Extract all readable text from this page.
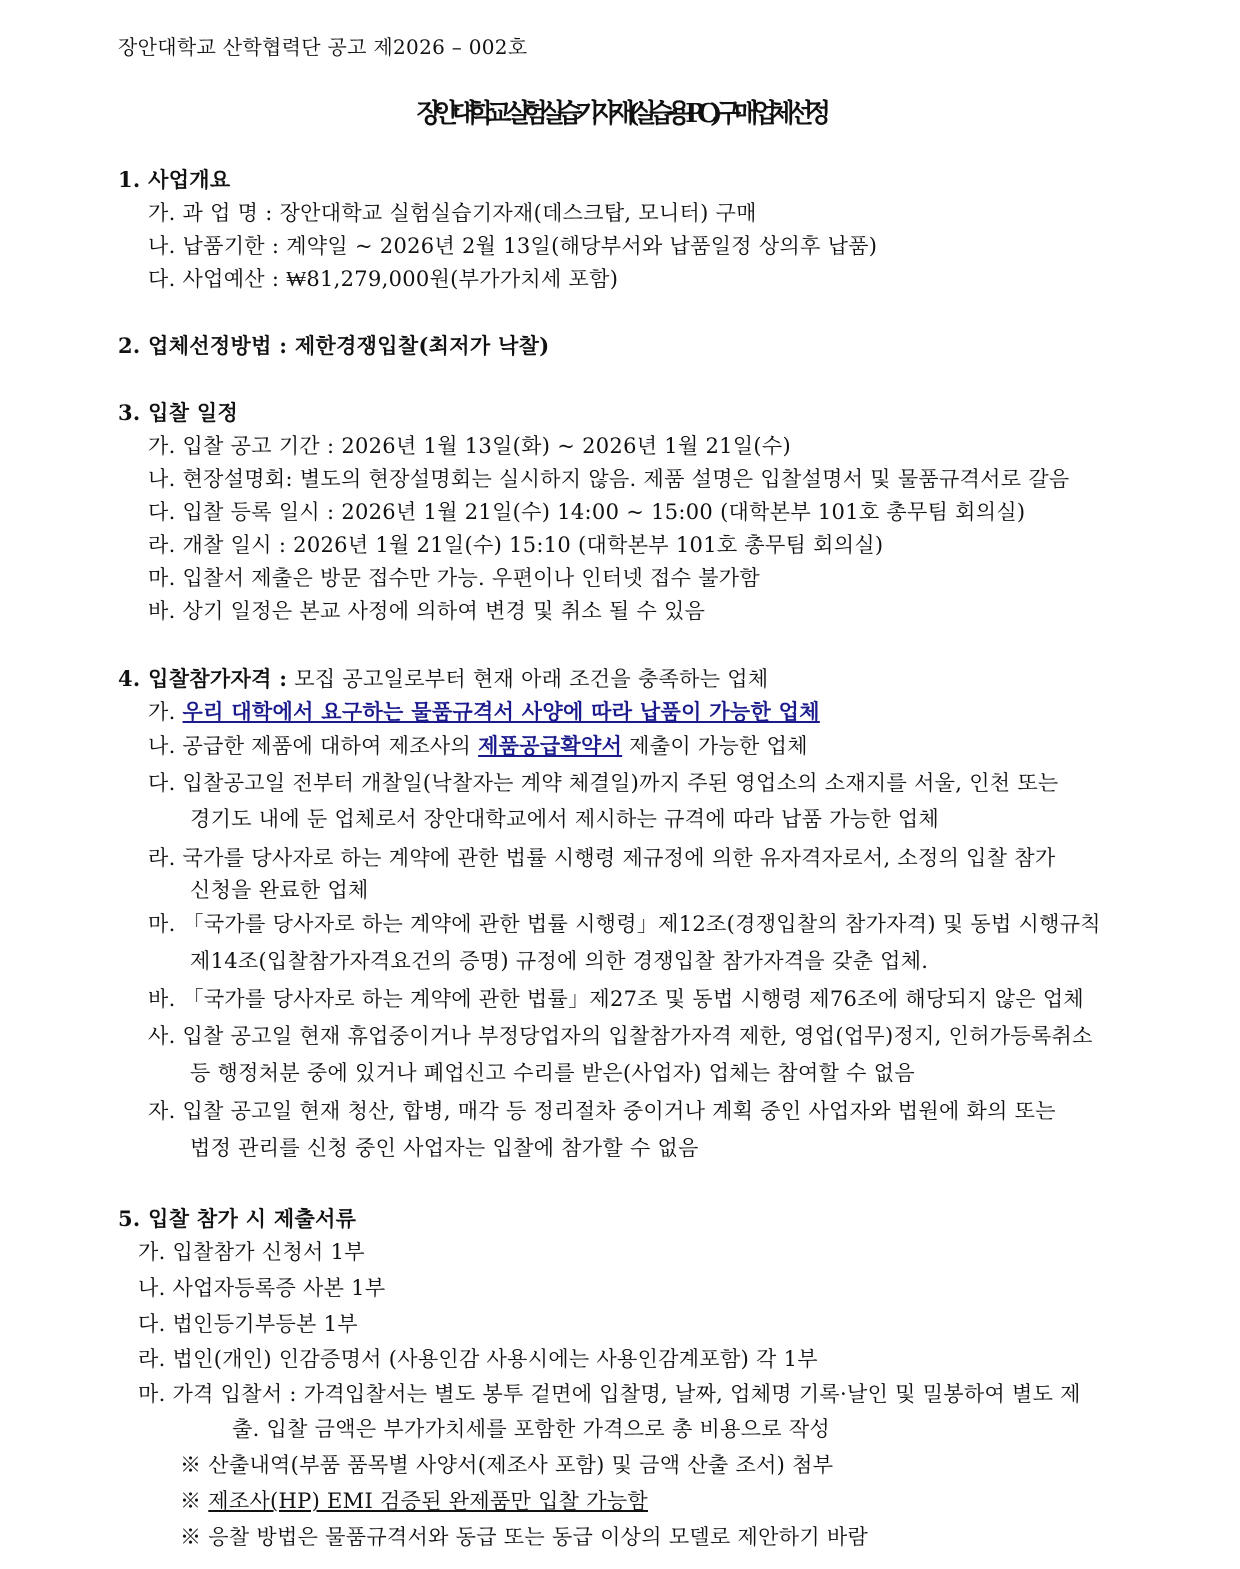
장안대학교 산학협력단 공고 제2026 – 002호
장안대학교 실험실습기자재(실습용 PC) 구매 업체 선정
1. 사업개요
가. 과 업 명 : 장안대학교 실험실습기자재(데스크탑, 모니터) 구매
나. 납품기한 : 계약일 ~ 2026년 2월 13일(해당부서와 납품일정 상의후 납품)
다. 사업예산 : ₩81,279,000원(부가가치세 포함)
2. 업체선정방법 : 제한경쟁입찰(최저가 낙찰)
3. 입찰 일정
가. 입찰 공고 기간 : 2026년 1월 13일(화) ~ 2026년 1월 21일(수)
나. 현장설명회: 별도의 현장설명회는 실시하지 않음. 제품 설명은 입찰설명서 및 물품규격서로 갈음
다. 입찰 등록 일시 : 2026년 1월 21일(수) 14:00 ~ 15:00 (대학본부 101호 총무팀 회의실)
라. 개찰 일시 : 2026년 1월 21일(수) 15:10 (대학본부 101호 총무팀 회의실)
마. 입찰서 제출은 방문 접수만 가능. 우편이나 인터넷 접수 불가함
바. 상기 일정은 본교 사정에 의하여 변경 및 취소 될 수 있음
4. 입찰참가자격 : 모집 공고일로부터 현재 아래 조건을 충족하는 업체
가. 우리 대학에서 요구하는 물품규격서 사양에 따라 납품이 가능한 업체
나. 공급한 제품에 대하여 제조사의 제품공급확약서 제출이 가능한 업체
다. 입찰공고일 전부터 개찰일(낙찰자는 계약 체결일)까지 주된 영업소의 소재지를 서울, 인천 또는
경기도 내에 둔 업체로서 장안대학교에서 제시하는 규격에 따라 납품 가능한 업체
라. 국가를 당사자로 하는 계약에 관한 법률 시행령 제규정에 의한 유자격자로서, 소정의 입찰 참가
신청을 완료한 업체
마. 「국가를 당사자로 하는 계약에 관한 법률 시행령」제12조(경쟁입찰의 참가자격) 및 동법 시행규칙
제14조(입찰참가자격요건의 증명) 규정에 의한 경쟁입찰 참가자격을 갖춘 업체.
바. 「국가를 당사자로 하는 계약에 관한 법률」제27조 및 동법 시행령 제76조에 해당되지 않은 업체
사. 입찰 공고일 현재 휴업중이거나 부정당업자의 입찰참가자격 제한, 영업(업무)정지, 인허가등록취소
등 행정처분 중에 있거나 폐업신고 수리를 받은(사업자) 업체는 참여할 수 없음
자. 입찰 공고일 현재 청산, 합병, 매각 등 정리절차 중이거나 계획 중인 사업자와 법원에 화의 또는
법정 관리를 신청 중인 사업자는 입찰에 참가할 수 없음
5. 입찰 참가 시 제출서류
가. 입찰참가 신청서 1부
나. 사업자등록증 사본 1부
다. 법인등기부등본 1부
라. 법인(개인) 인감증명서 (사용인감 사용시에는 사용인감계포함) 각 1부
마. 가격 입찰서 : 가격입찰서는 별도 봉투 겉면에 입찰명, 날짜, 업체명 기록·날인 및 밀봉하여 별도 제
출. 입찰 금액은 부가가치세를 포함한 가격으로 총 비용으로 작성
※ 산출내역(부품 품목별 사양서(제조사 포함) 및 금액 산출 조서) 첨부
※ 제조사(HP) EMI 검증된 완제품만 입찰 가능함
※ 응찰 방법은 물품규격서와 동급 또는 동급 이상의 모델로 제안하기 바람
